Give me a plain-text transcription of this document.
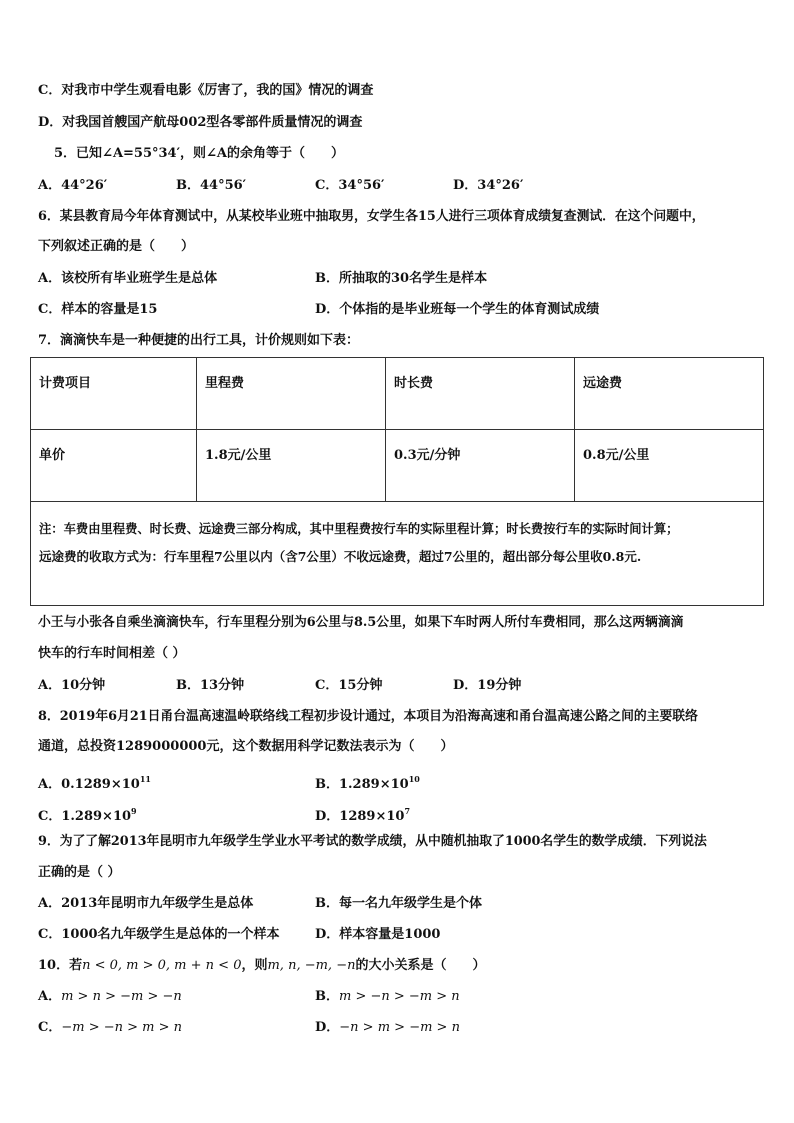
C．对我市中学生观看电影《厉害了，我的国》情况的调查
D．对我国首艘国产航母002型各零部件质量情况的调查
5．已知∠A=55°34′，则∠A的余角等于（　　）
A．44°26′	B．44°56′	C．34°56′	D．34°26′
6．某县教育局今年体育测试中，从某校毕业班中抽取男，女学生各15人进行三项体育成绩复查测试．在这个问题中，
下列叙述正确的是（　　）
A．该校所有毕业班学生是总体	B．所抽取的30名学生是样本
C．样本的容量是15	D．个体指的是毕业班每一个学生的体育测试成绩
7．滴滴快车是一种便捷的出行工具，计价规则如下表：
计费项目	里程费	时长费	远途费
单价	1.8元/公里	0.3元/分钟	0.8元/公里
注：车费由里程费、时长费、远途费三部分构成，其中里程费按行车的实际里程计算；时长费按行车的实际时间计算；
远途费的收取方式为：行车里程7公里以内（含7公里）不收远途费，超过7公里的，超出部分每公里收0.8元.
小王与小张各自乘坐滴滴快车，行车里程分别为6公里与8.5公里，如果下车时两人所付车费相同，那么这两辆滴滴
快车的行车时间相差（ ）
A．10分钟	B．13分钟	C．15分钟	D．19分钟
8．2019年6月21日甬台温高速温岭联络线工程初步设计通过，本项目为沿海高速和甬台温高速公路之间的主要联络
通道，总投资1289000000元，这个数据用科学记数法表示为（　　）
A．$0.1289\times 10^{11}$	B．$1.289\times 10^{10}$
C．$1.289\times 10^9$	D．$1289\times 10^7$
9．为了了解2013年昆明市九年级学生学业水平考试的数学成绩，从中随机抽取了1000名学生的数学成绩．下列说法
正确的是（ ）
A．2013年昆明市九年级学生是总体	B．每一名九年级学生是个体
C．1000名九年级学生是总体的一个样本	D．样本容量是1000
10．若n < 0, m > 0, m + n < 0，则m, n, −m, −n的大小关系是（　　）
A．m > n > −m > −n	B．m > −n > −m > n
C．−m > −n > m > n	D．−n > m > −m > n
